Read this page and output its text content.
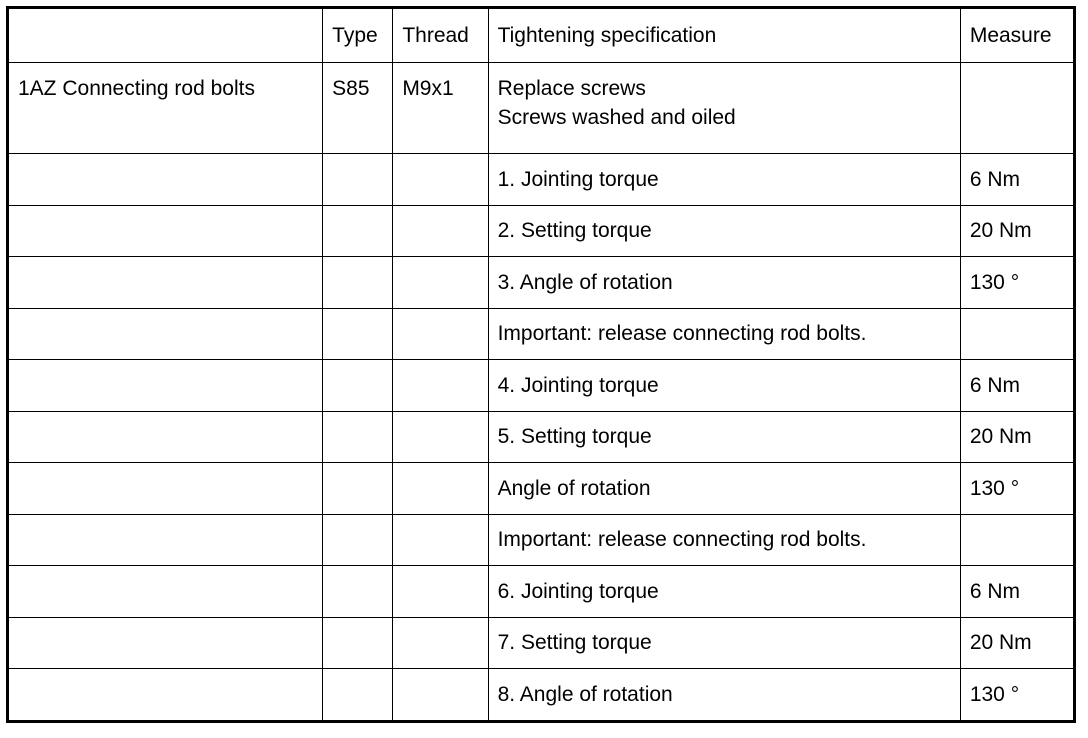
	Type	Thread	Tightening specification	Measure
1AZ Connecting rod bolts	S85	M9x1	Replace screws
Screws washed and oiled	

			1. Jointing torque	6 Nm
			2. Setting torque	20 Nm
			3. Angle of rotation	130 °
			Important: release connecting rod bolts.	
			4. Jointing torque	6 Nm
			5. Setting torque	20 Nm
			Angle of rotation	130 °
			Important: release connecting rod bolts.	
			6. Jointing torque	6 Nm
			7. Setting torque	20 Nm
			8. Angle of rotation	130 °
